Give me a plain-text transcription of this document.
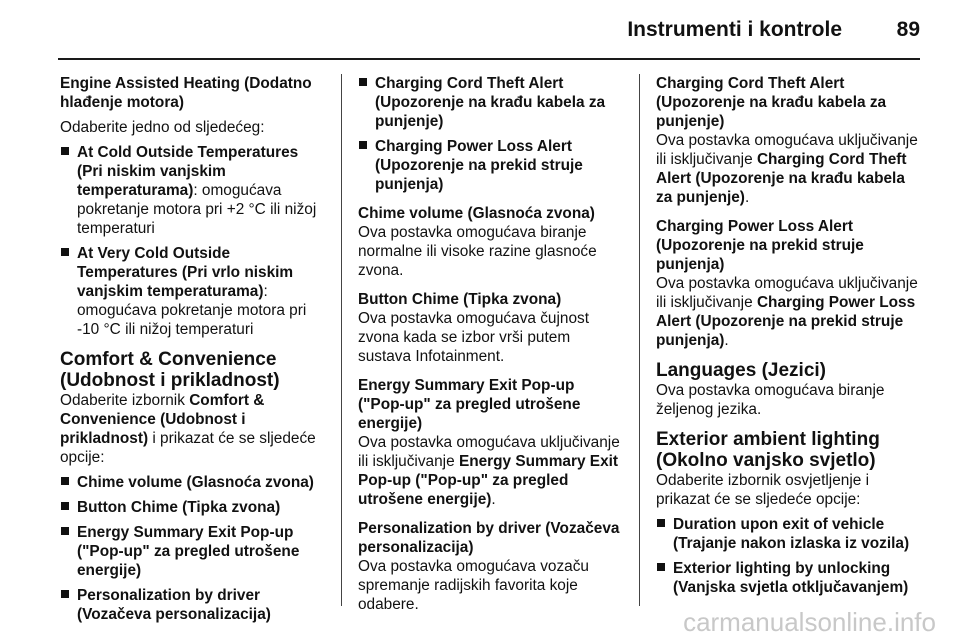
Instrumenti i kontrole	89
Engine Assisted Heating (Dodatno hlađenje motora)
Odaberite jedno od sljedećeg:
At Cold Outside Temperatures (Pri niskim vanjskim temperaturama): omogućava pokretanje motora pri +2 °C ili nižoj temperaturi
At Very Cold Outside Temperatures (Pri vrlo niskim vanjskim temperaturama): omogućava pokretanje motora pri -10 °C ili nižoj temperaturi
Comfort & Convenience (Udobnost i prikladnost)
Odaberite izbornik Comfort & Convenience (Udobnost i prikladnost) i prikazat će se sljedeće opcije:
Chime volume (Glasnoća zvona)
Button Chime (Tipka zvona)
Energy Summary Exit Pop-up ("Pop-up" za pregled utrošene energije)
Personalization by driver (Vozačeva personalizacija)
Charging Cord Theft Alert (Upozorenje na krađu kabela za punjenje)
Charging Power Loss Alert (Upozorenje na prekid struje punjenja)
Chime volume (Glasnoća zvona)
Ova postavka omogućava biranje normalne ili visoke razine glasnoće zvona.
Button Chime (Tipka zvona)
Ova postavka omogućava čujnost zvona kada se izbor vrši putem sustava Infotainment.
Energy Summary Exit Pop-up ("Pop-up" za pregled utrošene energije)
Ova postavka omogućava uključivanje ili isključivanje Energy Summary Exit Pop-up ("Pop-up" za pregled utrošene energije).
Personalization by driver (Vozačeva personalizacija)
Ova postavka omogućava vozaču spremanje radijskih favorita koje odabere.
Charging Cord Theft Alert (Upozorenje na krađu kabela za punjenje)
Ova postavka omogućava uključivanje ili isključivanje Charging Cord Theft Alert (Upozorenje na krađu kabela za punjenje).
Charging Power Loss Alert (Upozorenje na prekid struje punjenja)
Ova postavka omogućava uključivanje ili isključivanje Charging Power Loss Alert (Upozorenje na prekid struje punjenja).
Languages (Jezici)
Ova postavka omogućava biranje željenog jezika.
Exterior ambient lighting (Okolno vanjsko svjetlo)
Odaberite izbornik osvjetljenje i prikazat će se sljedeće opcije:
Duration upon exit of vehicle (Trajanje nakon izlaska iz vozila)
Exterior lighting by unlocking (Vanjska svjetla otključavanjem)
carmanualsonline.info
